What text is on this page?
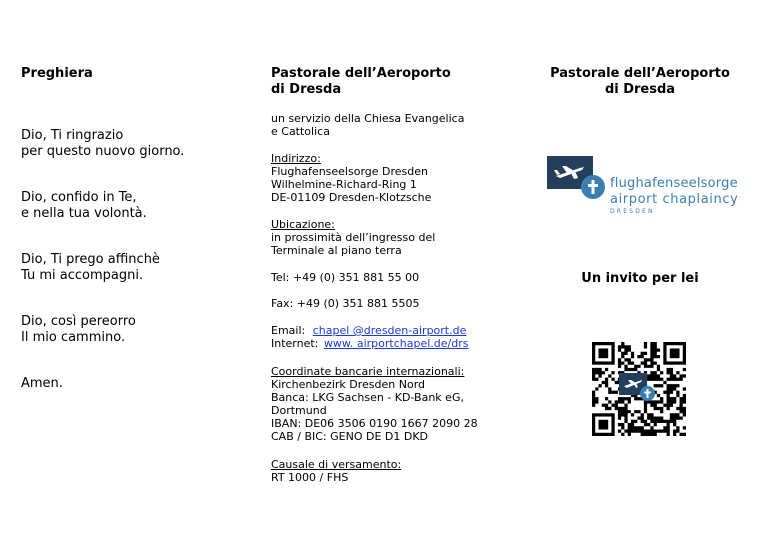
Preghiera
Dio, Ti ringrazio
per questo nuovo giorno.
Dio, confido in Te,
e nella tua volontà.
Dio, Ti prego affinchè
Tu mi accompagni.
Dio, così pereorro
Il mio cammino.
Amen.
Pastorale dell’Aeroporto
di Dresda
un servizio della Chiesa Evangelica
e Cattolica
Indirizzo:
Flughafenseelsorge Dresden
Wilhelmine-Richard-Ring 1
DE-01109 Dresden-Klotzsche
Ubicazione:
in prossimità dell’ingresso del
Terminale al piano terra
Tel: +49 (0) 351 881 55 00
Fax: +49 (0) 351 881 5505
Email: chapel @dresden-airport.de
Internet: www. airportchapel.de/drs
Coordinate bancarie internazionali:
Kirchenbezirk Dresden Nord
Banca: LKG Sachsen - KD-Bank eG,
Dortmund
IBAN: DE06 3506 0190 1667 2090 28
CAB / BIC: GENO DE D1 DKD
Causale di versamento:
RT 1000 / FHS
Pastorale dell’Aeroporto
di Dresda
flughafenseelsorge
airport chaplaincy
DRESDEN
Un invito per lei
